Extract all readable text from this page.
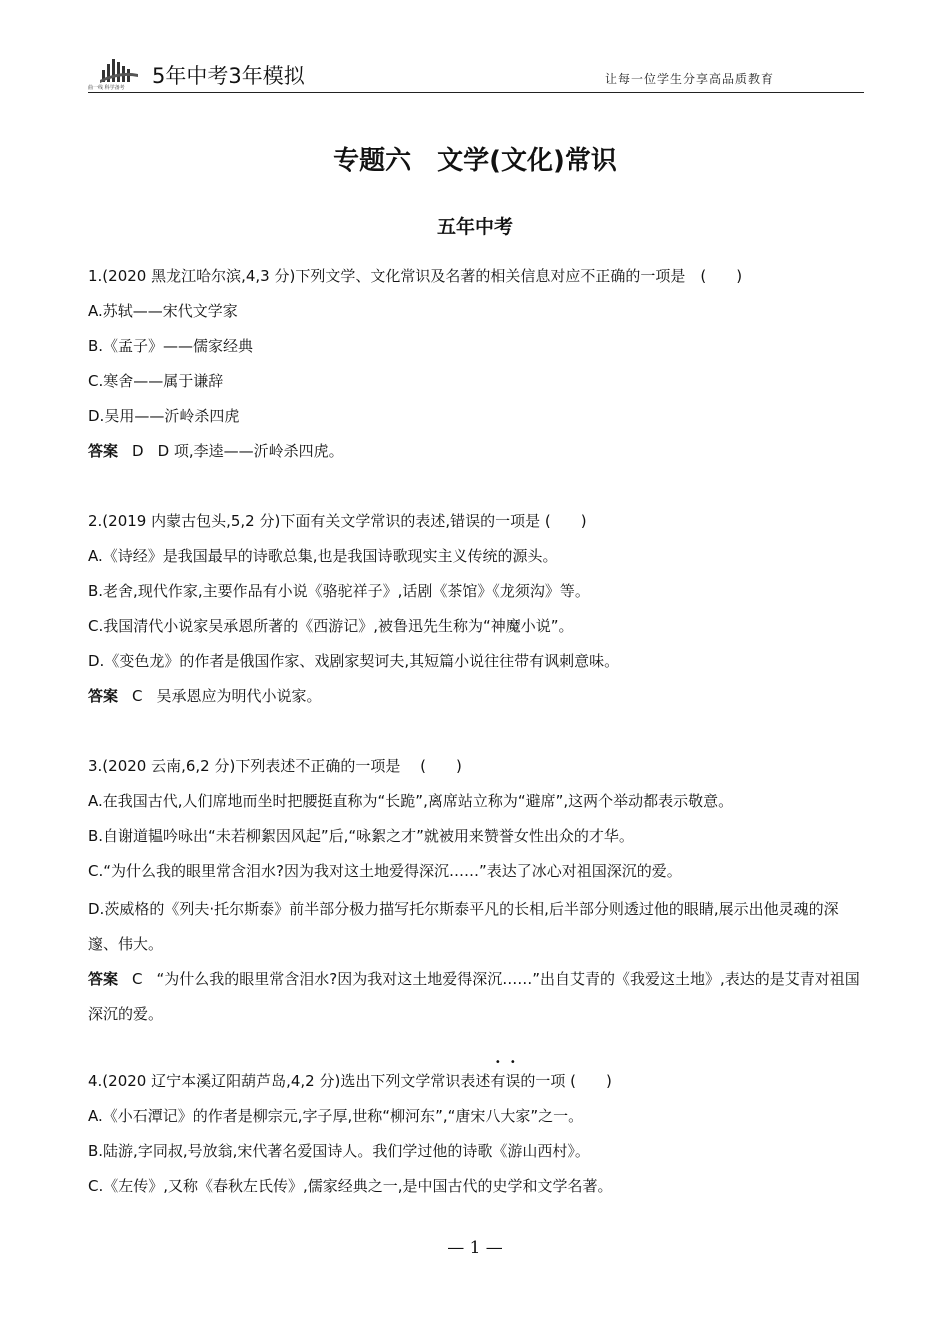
曲一线 科学备考 5年中考3年模拟	让每一位学生分享高品质教育
专题六　文学(文化)常识
五年中考
1.(2020 黑龙江哈尔滨,4,3 分)下列文学、文化常识及名著的相关信息对应不正确的一项是　(　　)
A.苏轼——宋代文学家
B.《孟子》——儒家经典
C.寒舍——属于谦辞
D.吴用——沂岭杀四虎
答案 D D 项,李逵——沂岭杀四虎。
2.(2019 内蒙古包头,5,2 分)下面有关文学常识的表述,错误的一项是 (　　)
A.《诗经》是我国最早的诗歌总集,也是我国诗歌现实主义传统的源头。
B.老舍,现代作家,主要作品有小说《骆驼祥子》,话剧《茶馆》《龙须沟》等。
C.我国清代小说家吴承恩所著的《西游记》,被鲁迅先生称为“神魔小说”。
D.《变色龙》的作者是俄国作家、戏剧家契诃夫,其短篇小说往往带有讽刺意味。
答案 C 吴承恩应为明代小说家。
3.(2020 云南,6,2 分)下列表述不正确的一项是　 (　　)
A.在我国古代,人们席地而坐时把腰挺直称为“长跪”,离席站立称为“避席”,这两个举动都表示敬意。
B.自谢道韫吟咏出“未若柳絮因风起”后,“咏絮之才”就被用来赞誉女性出众的才华。
C.“为什么我的眼里常含泪水?因为我对这土地爱得深沉……”表达了冰心对祖国深沉的爱。
D.茨威格的《列夫·托尔斯泰》前半部分极力描写托尔斯泰平凡的长相,后半部分则透过他的眼睛,展示出他灵魂的深邃、伟大。
答案 C “为什么我的眼里常含泪水?因为我对这土地爱得深沉……”出自艾青的《我爱这土地》,表达的是艾青对祖国深沉的爱。
4.(2020 辽宁本溪辽阳葫芦岛,4,2 分)选出下列文学常识表述有误的一项 (　　)
A.《小石潭记》的作者是柳宗元,字子厚,世称“柳河东”,“唐宋八大家”之一。
B.陆游,字同叔,号放翁,宋代著名爱国诗人。我们学过他的诗歌《游山西村》。
C.《左传》,又称《春秋左氏传》,儒家经典之一,是中国古代的史学和文学名著。
— 1 —
